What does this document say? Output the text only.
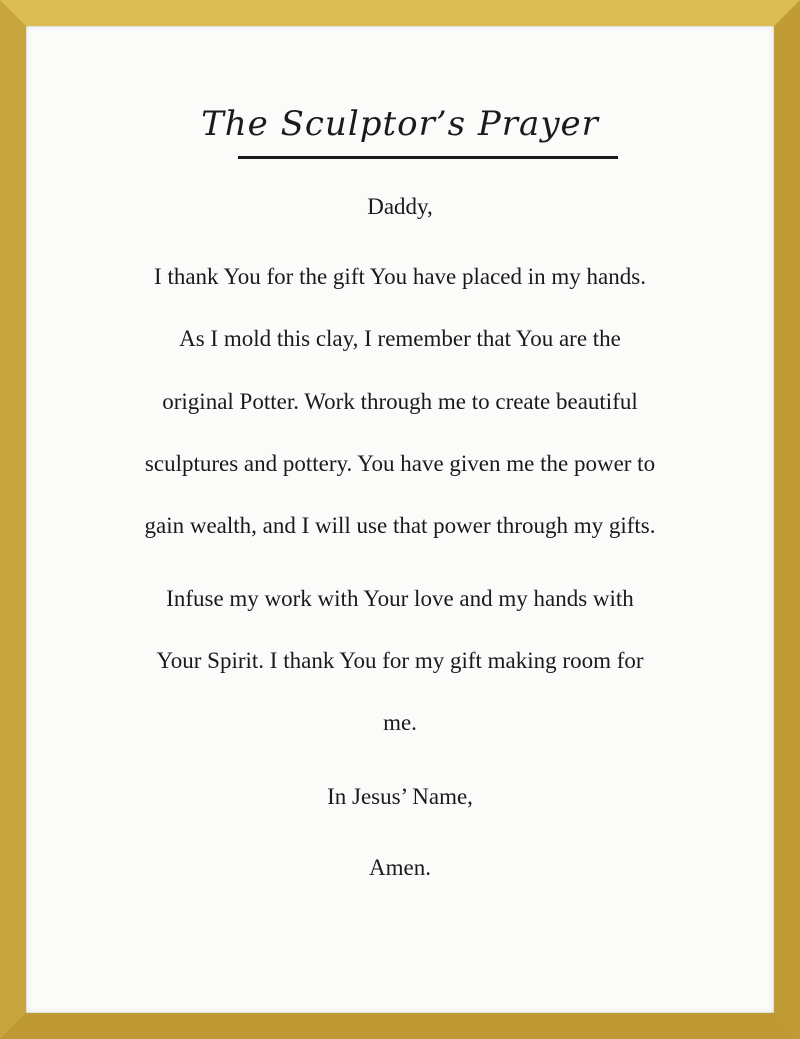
The Sculptor’s Prayer
Daddy,
I thank You for the gift You have placed in my hands.
As I mold this clay, I remember that You are the
original Potter. Work through me to create beautiful
sculptures and pottery. You have given me the power to
gain wealth, and I will use that power through my gifts.
Infuse my work with Your love and my hands with
Your Spirit. I thank You for my gift making room for
me.
In Jesus’ Name,
Amen.
